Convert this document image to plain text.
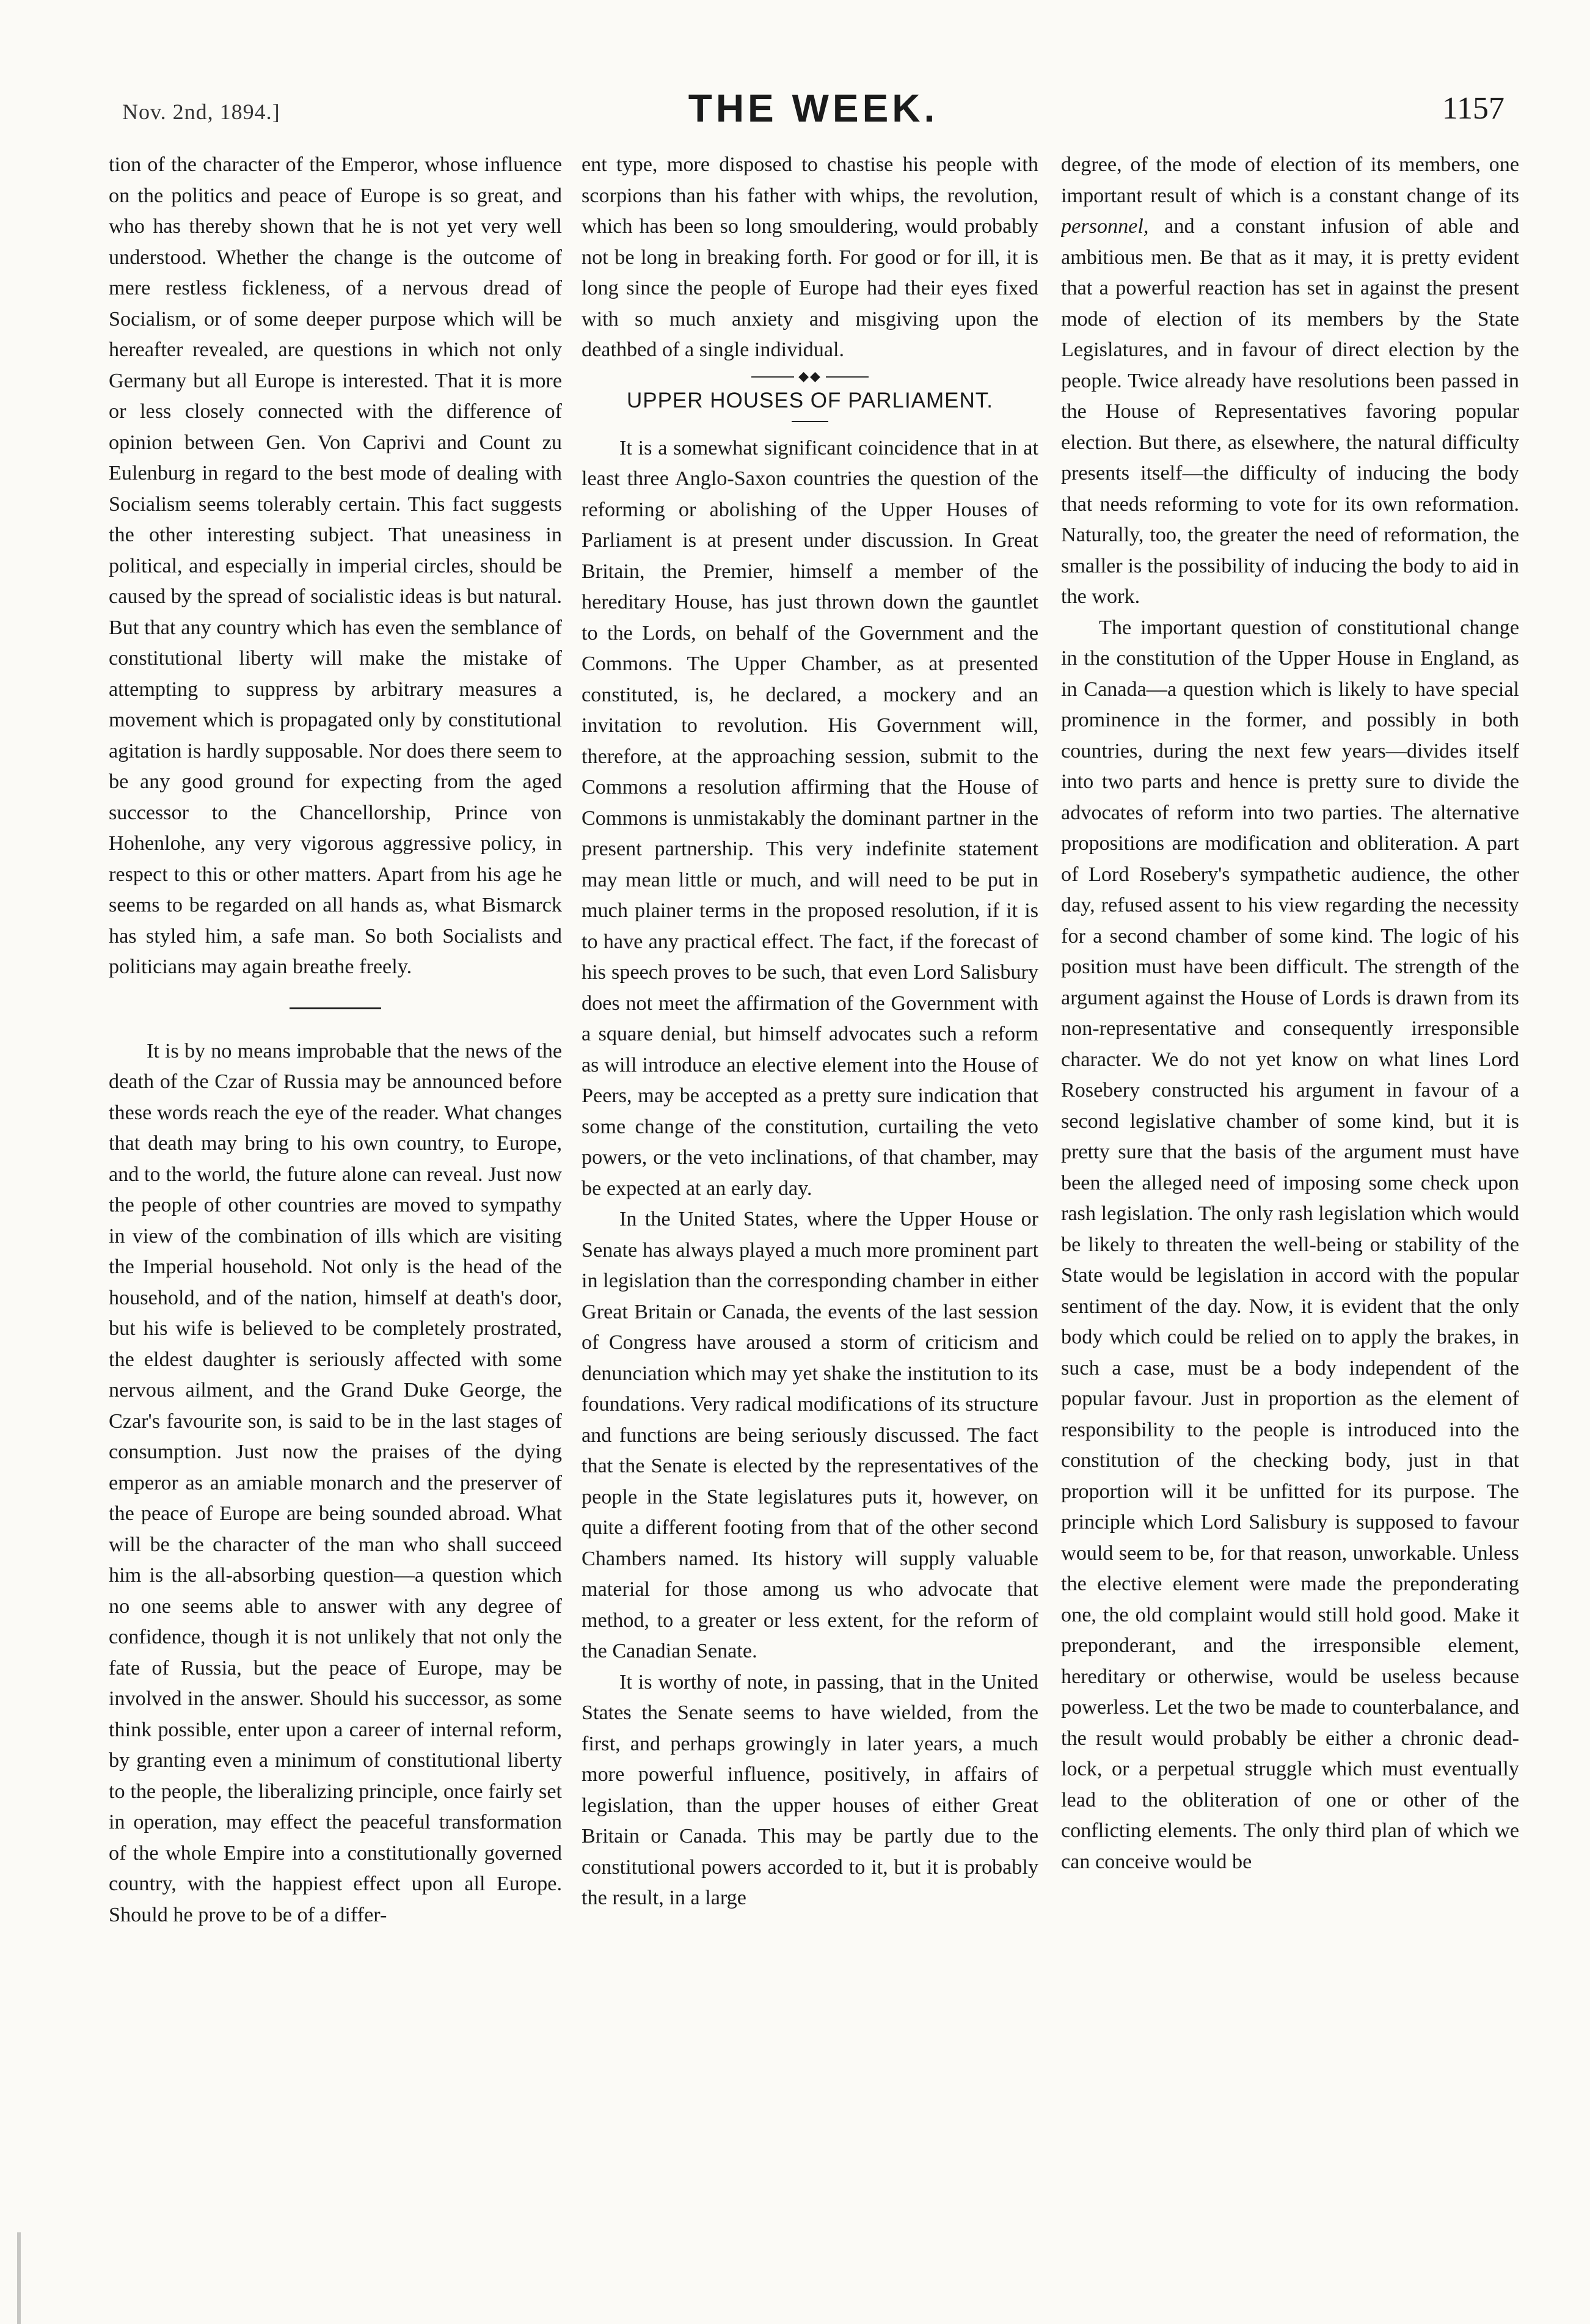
Nov. 2nd, 1894.]	THE WEEK.	1157

tion of the character of the Emperor, whose influence on the politics and peace of Europe is so great, and who has thereby shown that he is not yet very well understood. Whether the change is the outcome of mere restless fickleness, of a nervous dread of Socialism, or of some deeper purpose which will be hereafter revealed, are questions in which not only Germany but all Europe is interested. That it is more or less closely connected with the difference of opinion between Gen. Von Caprivi and Count zu Eulenburg in regard to the best mode of dealing with Socialism seems tolerably certain. This fact suggests the other interesting subject. That uneasiness in political, and especially in imperial circles, should be caused by the spread of socialistic ideas is but natural. But that any country which has even the semblance of constitutional liberty will make the mistake of attempting to suppress by arbitrary measures a movement which is propagated only by constitutional agitation is hardly supposable. Nor does there seem to be any good ground for expecting from the aged successor to the Chancellorship, Prince von Hohenlohe, any very vigorous aggressive policy, in respect to this or other matters. Apart from his age he seems to be regarded on all hands as, what Bismarck has styled him, a safe man. So both Socialists and politicians may again breathe freely.

It is by no means improbable that the news of the death of the Czar of Russia may be announced before these words reach the eye of the reader. What changes that death may bring to his own country, to Europe, and to the world, the future alone can reveal. Just now the people of other countries are moved to sympathy in view of the combination of ills which are visiting the Imperial household. Not only is the head of the household, and of the nation, himself at death's door, but his wife is believed to be completely prostrated, the eldest daughter is seriously affected with some nervous ailment, and the Grand Duke George, the Czar's favourite son, is said to be in the last stages of consumption. Just now the praises of the dying emperor as an amiable monarch and the preserver of the peace of Europe are being sounded abroad. What will be the character of the man who shall succeed him is the all-absorbing question—a question which no one seems able to answer with any degree of confidence, though it is not unlikely that not only the fate of Russia, but the peace of Europe, may be involved in the answer. Should his successor, as some think possible, enter upon a career of internal reform, by granting even a minimum of constitutional liberty to the people, the liberalizing principle, once fairly set in operation, may effect the peaceful transformation of the whole Empire into a constitutionally governed country, with the happiest effect upon all Europe. Should he prove to be of a differ-

ent type, more disposed to chastise his people with scorpions than his father with whips, the revolution, which has been so long smouldering, would probably not be long in breaking forth. For good or for ill, it is long since the people of Europe had their eyes fixed with so much anxiety and misgiving upon the deathbed of a single individual.

◆◆
UPPER HOUSES OF PARLIAMENT.

It is a somewhat significant coincidence that in at least three Anglo-Saxon countries the question of the reforming or abolishing of the Upper Houses of Parliament is at present under discussion. In Great Britain, the Premier, himself a member of the hereditary House, has just thrown down the gauntlet to the Lords, on behalf of the Government and the Commons. The Upper Chamber, as at presented constituted, is, he declared, a mockery and an invitation to revolution. His Government will, therefore, at the approaching session, submit to the Commons a resolution affirming that the House of Commons is unmistakably the dominant partner in the present partnership. This very indefinite statement may mean little or much, and will need to be put in much plainer terms in the proposed resolution, if it is to have any practical effect. The fact, if the forecast of his speech proves to be such, that even Lord Salisbury does not meet the affirmation of the Government with a square denial, but himself advocates such a reform as will introduce an elective element into the House of Peers, may be accepted as a pretty sure indication that some change of the constitution, curtailing the veto powers, or the veto inclinations, of that chamber, may be expected at an early day.

In the United States, where the Upper House or Senate has always played a much more prominent part in legislation than the corresponding chamber in either Great Britain or Canada, the events of the last session of Congress have aroused a storm of criticism and denunciation which may yet shake the institution to its foundations. Very radical modifications of its structure and functions are being seriously discussed. The fact that the Senate is elected by the representatives of the people in the State legislatures puts it, however, on quite a different footing from that of the other second Chambers named. Its history will supply valuable material for those among us who advocate that method, to a greater or less extent, for the reform of the Canadian Senate.

It is worthy of note, in passing, that in the United States the Senate seems to have wielded, from the first, and perhaps growingly in later years, a much more powerful influence, positively, in affairs of legislation, than the upper houses of either Great Britain or Canada. This may be partly due to the constitutional powers accorded to it, but it is probably the result, in a large

degree, of the mode of election of its members, one important result of which is a constant change of its personnel, and a constant infusion of able and ambitious men. Be that as it may, it is pretty evident that a powerful reaction has set in against the present mode of election of its members by the State Legislatures, and in favour of direct election by the people. Twice already have resolutions been passed in the House of Representatives favoring popular election. But there, as elsewhere, the natural difficulty presents itself—the difficulty of inducing the body that needs reforming to vote for its own reformation. Naturally, too, the greater the need of reformation, the smaller is the possibility of inducing the body to aid in the work.

The important question of constitutional change in the constitution of the Upper House in England, as in Canada—a question which is likely to have special prominence in the former, and possibly in both countries, during the next few years—divides itself into two parts and hence is pretty sure to divide the advocates of reform into two parties. The alternative propositions are modification and obliteration. A part of Lord Rosebery's sympathetic audience, the other day, refused assent to his view regarding the necessity for a second chamber of some kind. The logic of his position must have been difficult. The strength of the argument against the House of Lords is drawn from its non-representative and consequently irresponsible character. We do not yet know on what lines Lord Rosebery constructed his argument in favour of a second legislative chamber of some kind, but it is pretty sure that the basis of the argument must have been the alleged need of imposing some check upon rash legislation. The only rash legislation which would be likely to threaten the well-being or stability of the State would be legislation in accord with the popular sentiment of the day. Now, it is evident that the only body which could be relied on to apply the brakes, in such a case, must be a body independent of the popular favour. Just in proportion as the element of responsibility to the people is introduced into the constitution of the checking body, just in that proportion will it be unfitted for its purpose. The principle which Lord Salisbury is supposed to favour would seem to be, for that reason, unworkable. Unless the elective element were made the preponderating one, the old complaint would still hold good. Make it preponderant, and the irresponsible element, hereditary or otherwise, would be useless because powerless. Let the two be made to counterbalance, and the result would probably be either a chronic dead-lock, or a perpetual struggle which must eventually lead to the obliteration of one or other of the conflicting elements. The only third plan of which we can conceive would be
